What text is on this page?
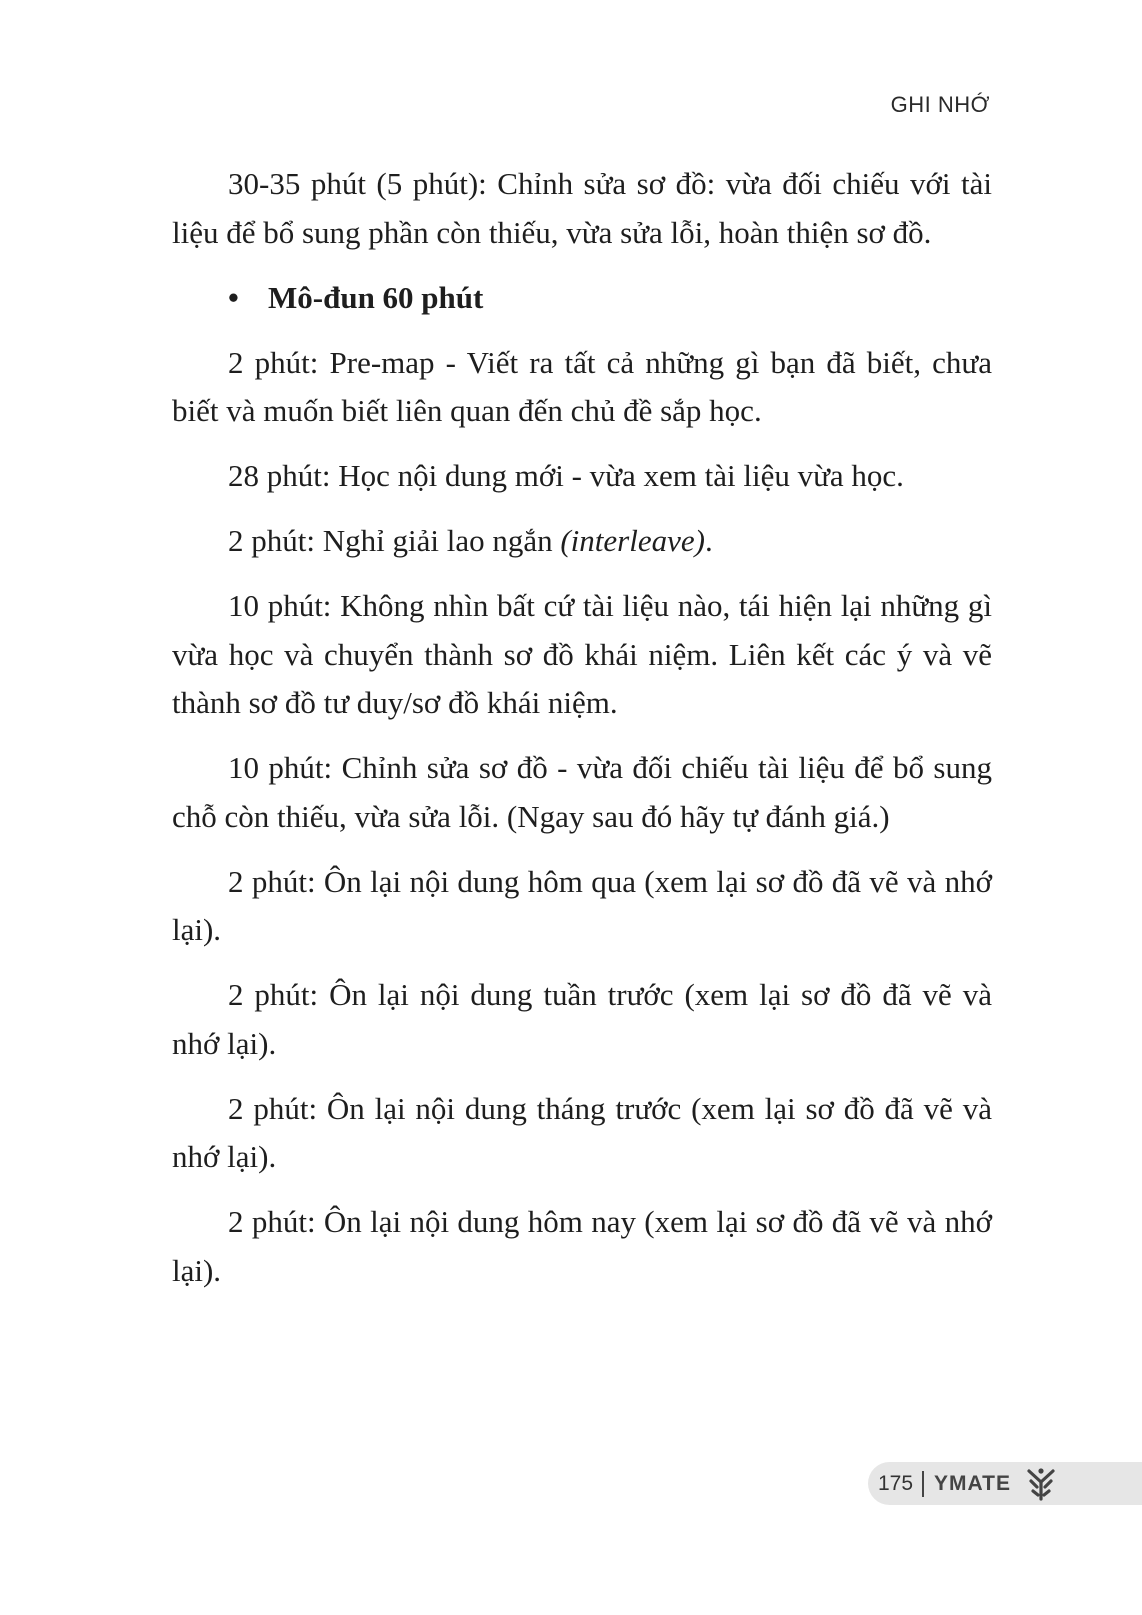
GHI NHỚ

30-35 phút (5 phút): Chỉnh sửa sơ đồ: vừa đối chiếu với tài liệu để bổ sung phần còn thiếu, vừa sửa lỗi, hoàn thiện sơ đồ.

• Mô-đun 60 phút

2 phút: Pre-map - Viết ra tất cả những gì bạn đã biết, chưa biết và muốn biết liên quan đến chủ đề sắp học.

28 phút: Học nội dung mới - vừa xem tài liệu vừa học.

2 phút: Nghỉ giải lao ngắn (interleave).

10 phút: Không nhìn bất cứ tài liệu nào, tái hiện lại những gì vừa học và chuyển thành sơ đồ khái niệm. Liên kết các ý và vẽ thành sơ đồ tư duy/sơ đồ khái niệm.

10 phút: Chỉnh sửa sơ đồ - vừa đối chiếu tài liệu để bổ sung chỗ còn thiếu, vừa sửa lỗi. (Ngay sau đó hãy tự đánh giá.)

2 phút: Ôn lại nội dung hôm qua (xem lại sơ đồ đã vẽ và nhớ lại).

2 phút: Ôn lại nội dung tuần trước (xem lại sơ đồ đã vẽ và nhớ lại).

2 phút: Ôn lại nội dung tháng trước (xem lại sơ đồ đã vẽ và nhớ lại).

2 phút: Ôn lại nội dung hôm nay (xem lại sơ đồ đã vẽ và nhớ lại).

175 YMATE
